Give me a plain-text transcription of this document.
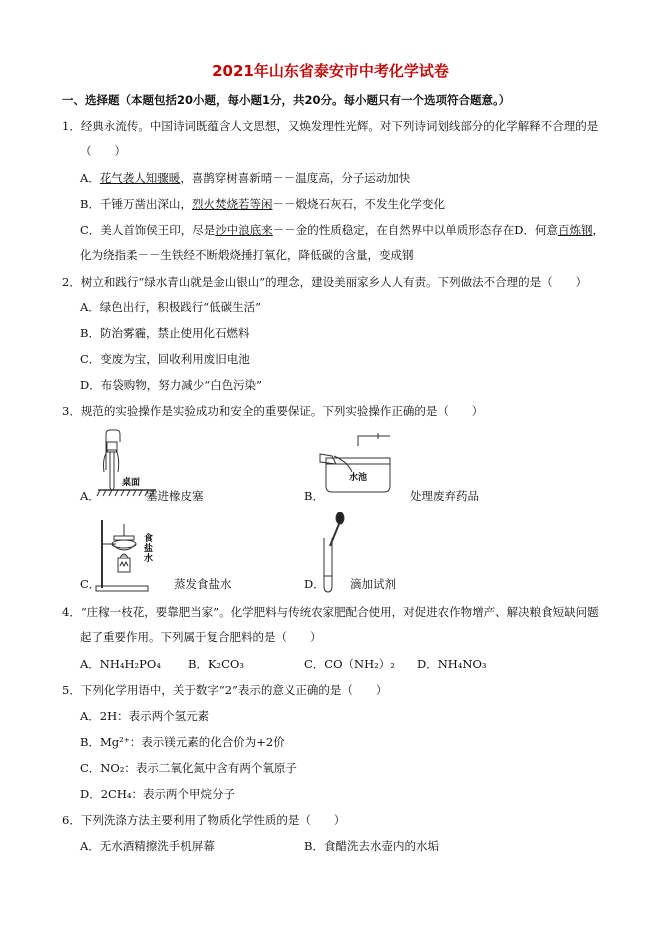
2021年山东省泰安市中考化学试卷
一、选择题（本题包括20小题，每小题1分，共20分。每小题只有一个选项符合题意。）
1．经典永流传。中国诗词既蕴含人文思想，又焕发理性光辉。对下列诗词划线部分的化学解释不合理的是
（　　）
A．花气袭人知骤暖，喜鹊穿树喜新晴－－温度高，分子运动加快
B．千锤万凿出深山，烈火焚烧若等闲－－煅烧石灰石，不发生化学变化
C．美人首饰侯王印，尽是沙中浪底来－－金的性质稳定，在自然界中以单质形态存在D．何意百炼钢，
化为绕指柔－－生铁经不断煅烧捶打氧化，降低碳的含量，变成钢
2．树立和践行“绿水青山就是金山银山”的理念，建设美丽家乡人人有责。下列做法不合理的是（　　）
A．绿色出行，积极践行“低碳生活”
B．防治雾霾，禁止使用化石燃料
C．变废为宝，回收利用废旧电池
D．布袋购物，努力减少“白色污染”
3．规范的实验操作是实验成功和安全的重要保证。下列实验操作正确的是（　　）
桌面
A．	塞进橡皮塞
水池
B．	处理废弃药品
食盐水
C．	蒸发食盐水	D． 滴加试剂
4．“庄稼一枝花，要靠肥当家”。化学肥料与传统农家肥配合使用，对促进农作物增产、解决粮食短缺问题
起了重要作用。下列属于复合肥料的是（　　）
A．NH₄H₂PO₄ B．K₂CO₃	C．CO（NH₂）₂ D．NH₄NO₃
5．下列化学用语中，关于数字“2”表示的意义正确的是（　　）
A．2H：表示两个氢元素
B．Mg²⁺：表示镁元素的化合价为+2价
C．NO₂：表示二氧化氮中含有两个氧原子
D．2CH₄：表示两个甲烷分子
6．下列洗涤方法主要利用了物质化学性质的是（　　）
A．无水酒精擦洗手机屏幕	B．食醋洗去水壶内的水垢
